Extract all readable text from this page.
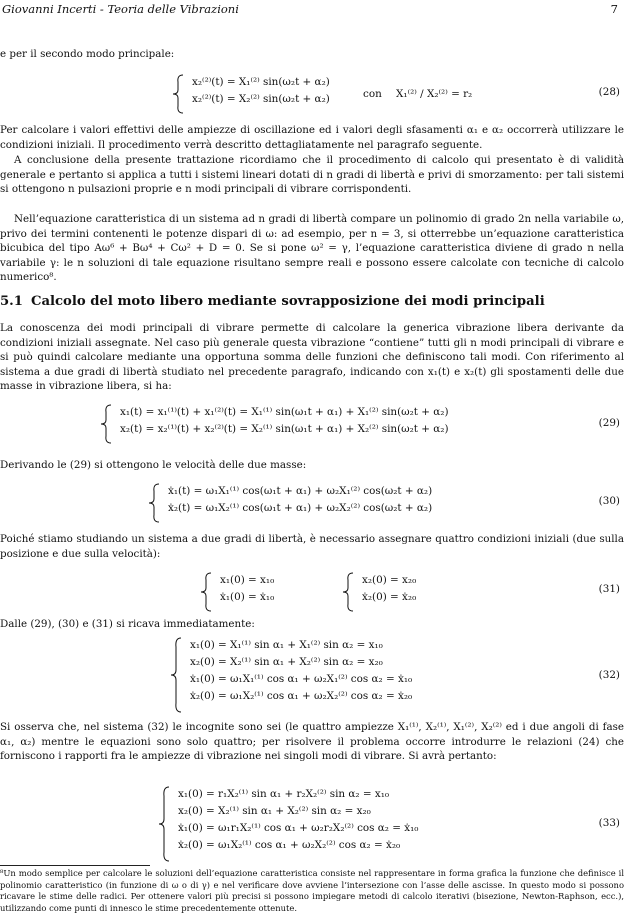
Giovanni Incerti - Teoria delle Vibrazioni	7
e per il secondo modo principale:
x₂⁽²⁾(t) = X₁⁽²⁾ sin(ω₂t + α₂)
x₂⁽²⁾(t) = X₂⁽²⁾ sin(ω₂t + α₂)	con X₁⁽²⁾ / X₂⁽²⁾ = r₂	(28)
Per calcolare i valori effettivi delle ampiezze di oscillazione ed i valori degli sfasamenti α₁ e α₂ occorrerà utilizzare le condizioni iniziali. Il procedimento verrà descritto dettagliatamente nel paragrafo seguente.
A conclusione della presente trattazione ricordiamo che il procedimento di calcolo qui presentato è di validità generale e pertanto si applica a tutti i sistemi lineari dotati di n gradi di libertà e privi di smorzamento: per tali sistemi si ottengono n pulsazioni proprie e n modi principali di vibrare corrispondenti.
Nell’equazione caratteristica di un sistema ad n gradi di libertà compare un polinomio di grado 2n nella variabile ω, privo dei termini contenenti le potenze dispari di ω: ad esempio, per n = 3, si otterrebbe un’equazione caratteristica bicubica del tipo Aω⁶ + Bω⁴ + Cω² + D = 0. Se si pone ω² = γ, l’equazione caratteristica diviene di grado n nella variabile γ: le n soluzioni di tale equazione risultano sempre reali e possono essere calcolate con tecniche di calcolo numerico⁸.
5.1 Calcolo del moto libero mediante sovrapposizione dei modi principali
La conoscenza dei modi principali di vibrare permette di calcolare la generica vibrazione libera derivante da condizioni iniziali assegnate. Nel caso più generale questa vibrazione “contiene” tutti gli n modi principali di vibrare e si può quindi calcolare mediante una opportuna somma delle funzioni che definiscono tali modi. Con riferimento al sistema a due gradi di libertà studiato nel precedente paragrafo, indicando con x₁(t) e x₂(t) gli spostamenti delle due masse in vibrazione libera, si ha:
x₁(t) = x₁⁽¹⁾(t) + x₁⁽²⁾(t) = X₁⁽¹⁾ sin(ω₁t + α₁) + X₁⁽²⁾ sin(ω₂t + α₂)
x₂(t) = x₂⁽¹⁾(t) + x₂⁽²⁾(t) = X₂⁽¹⁾ sin(ω₁t + α₁) + X₂⁽²⁾ sin(ω₂t + α₂)	(29)
Derivando le (29) si ottengono le velocità delle due masse:
ẋ₁(t) = ω₁X₁⁽¹⁾ cos(ω₁t + α₁) + ω₂X₁⁽²⁾ cos(ω₂t + α₂)
ẋ₂(t) = ω₁X₂⁽¹⁾ cos(ω₁t + α₁) + ω₂X₂⁽²⁾ cos(ω₂t + α₂)
(30)
Poiché stiamo studiando un sistema a due gradi di libertà, è necessario assegnare quattro condizioni iniziali (due sulla posizione e due sulla velocità):
x₁(0) = x₁₀
ẋ₁(0) = ẋ₁₀
x₂(0) = x₂₀
ẋ₂(0) = ẋ₂₀
(31)
Dalle (29), (30) e (31) si ricava immediatamente:
x₁(0) = X₁⁽¹⁾ sin α₁ + X₁⁽²⁾ sin α₂ = x₁₀
x₂(0) = X₂⁽¹⁾ sin α₁ + X₂⁽²⁾ sin α₂ = x₂₀
ẋ₁(0) = ω₁X₁⁽¹⁾ cos α₁ + ω₂X₁⁽²⁾ cos α₂ = ẋ₁₀
ẋ₂(0) = ω₁X₂⁽¹⁾ cos α₁ + ω₂X₂⁽²⁾ cos α₂ = ẋ₂₀
(32)
Si osserva che, nel sistema (32) le incognite sono sei (le quattro ampiezze X₁⁽¹⁾, X₂⁽¹⁾, X₁⁽²⁾, X₂⁽²⁾ ed i due angoli di fase α₁, α₂) mentre le equazioni sono solo quattro; per risolvere il problema occorre introdurre le relazioni (24) che forniscono i rapporti fra le ampiezze di vibrazione nei singoli modi di vibrare. Si avrà pertanto:
x₁(0) = r₁X₂⁽¹⁾ sin α₁ + r₂X₂⁽²⁾ sin α₂ = x₁₀
x₂(0) = X₂⁽¹⁾ sin α₁ + X₂⁽²⁾ sin α₂ = x₂₀
ẋ₁(0) = ω₁r₁X₂⁽¹⁾ cos α₁ + ω₂r₂X₂⁽²⁾ cos α₂ = ẋ₁₀
ẋ₂(0) = ω₁X₂⁽¹⁾ cos α₁ + ω₂X₂⁽²⁾ cos α₂ = ẋ₂₀
(33)
⁸Un modo semplice per calcolare le soluzioni dell’equazione caratteristica consiste nel rappresentare in forma grafica la funzione che definisce il polinomio caratteristico (in funzione di ω o di γ) e nel verificare dove avviene l’intersezione con l’asse delle ascisse. In questo modo si possono ricavare le stime delle radici. Per ottenere valori più precisi si possono impiegare metodi di calcolo iterativi (bisezione, Newton-Raphson, ecc.), utilizzando come punti di innesco le stime precedentemente ottenute.
